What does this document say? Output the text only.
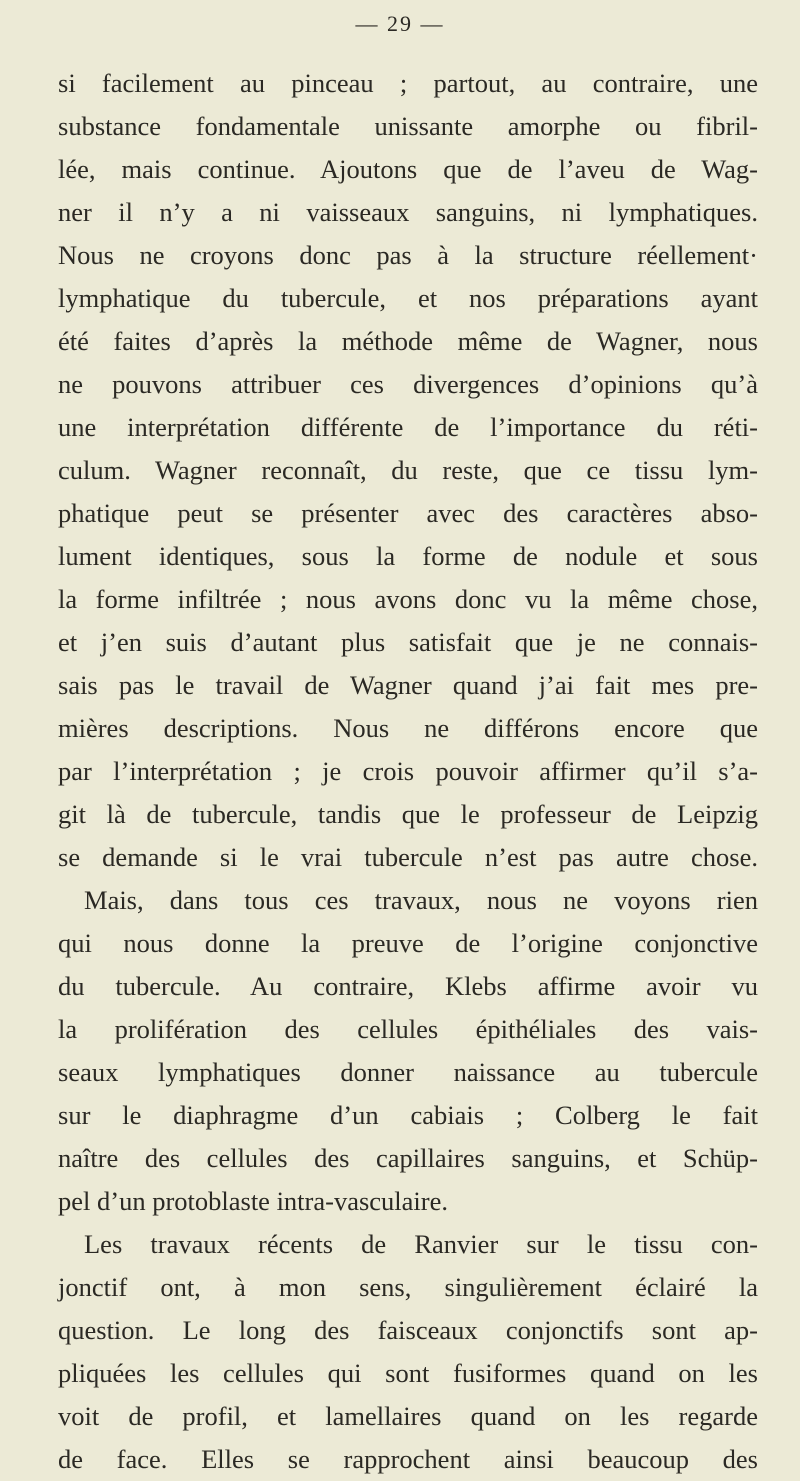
— 29 —
si facilement au pinceau ; partout, au contraire, une
substance fondamentale unissante amorphe ou fibril-
lée, mais continue. Ajoutons que de l’aveu de Wag-
ner il n’y a ni vaisseaux sanguins, ni lymphatiques.
Nous ne croyons donc pas à la structure réellement·
lymphatique du tubercule, et nos préparations ayant
été faites d’après la méthode même de Wagner, nous
ne pouvons attribuer ces divergences d’opinions qu’à
une interprétation différente de l’importance du réti-
culum. Wagner reconnaît, du reste, que ce tissu lym-
phatique peut se présenter avec des caractères abso-
lument identiques, sous la forme de nodule et sous
la forme infiltrée ; nous avons donc vu la même chose,
et j’en suis d’autant plus satisfait que je ne connais-
sais pas le travail de Wagner quand j’ai fait mes pre-
mières descriptions. Nous ne différons encore que
par l’interprétation ; je crois pouvoir affirmer qu’il s’a-
git là de tubercule, tandis que le professeur de Leipzig
se demande si le vrai tubercule n’est pas autre chose.
Mais, dans tous ces travaux, nous ne voyons rien
qui nous donne la preuve de l’origine conjonctive
du tubercule. Au contraire, Klebs affirme avoir vu
la prolifération des cellules épithéliales des vais-
seaux lymphatiques donner naissance au tubercule
sur le diaphragme d’un cabiais ; Colberg le fait
naître des cellules des capillaires sanguins, et Schüp-
pel d’un protoblaste intra-vasculaire.
Les travaux récents de Ranvier sur le tissu con-
jonctif ont, à mon sens, singulièrement éclairé la
question. Le long des faisceaux conjonctifs sont ap-
pliquées les cellules qui sont fusiformes quand on les
voit de profil, et lamellaires quand on les regarde
de face. Elles se rapprochent ainsi beaucoup des
